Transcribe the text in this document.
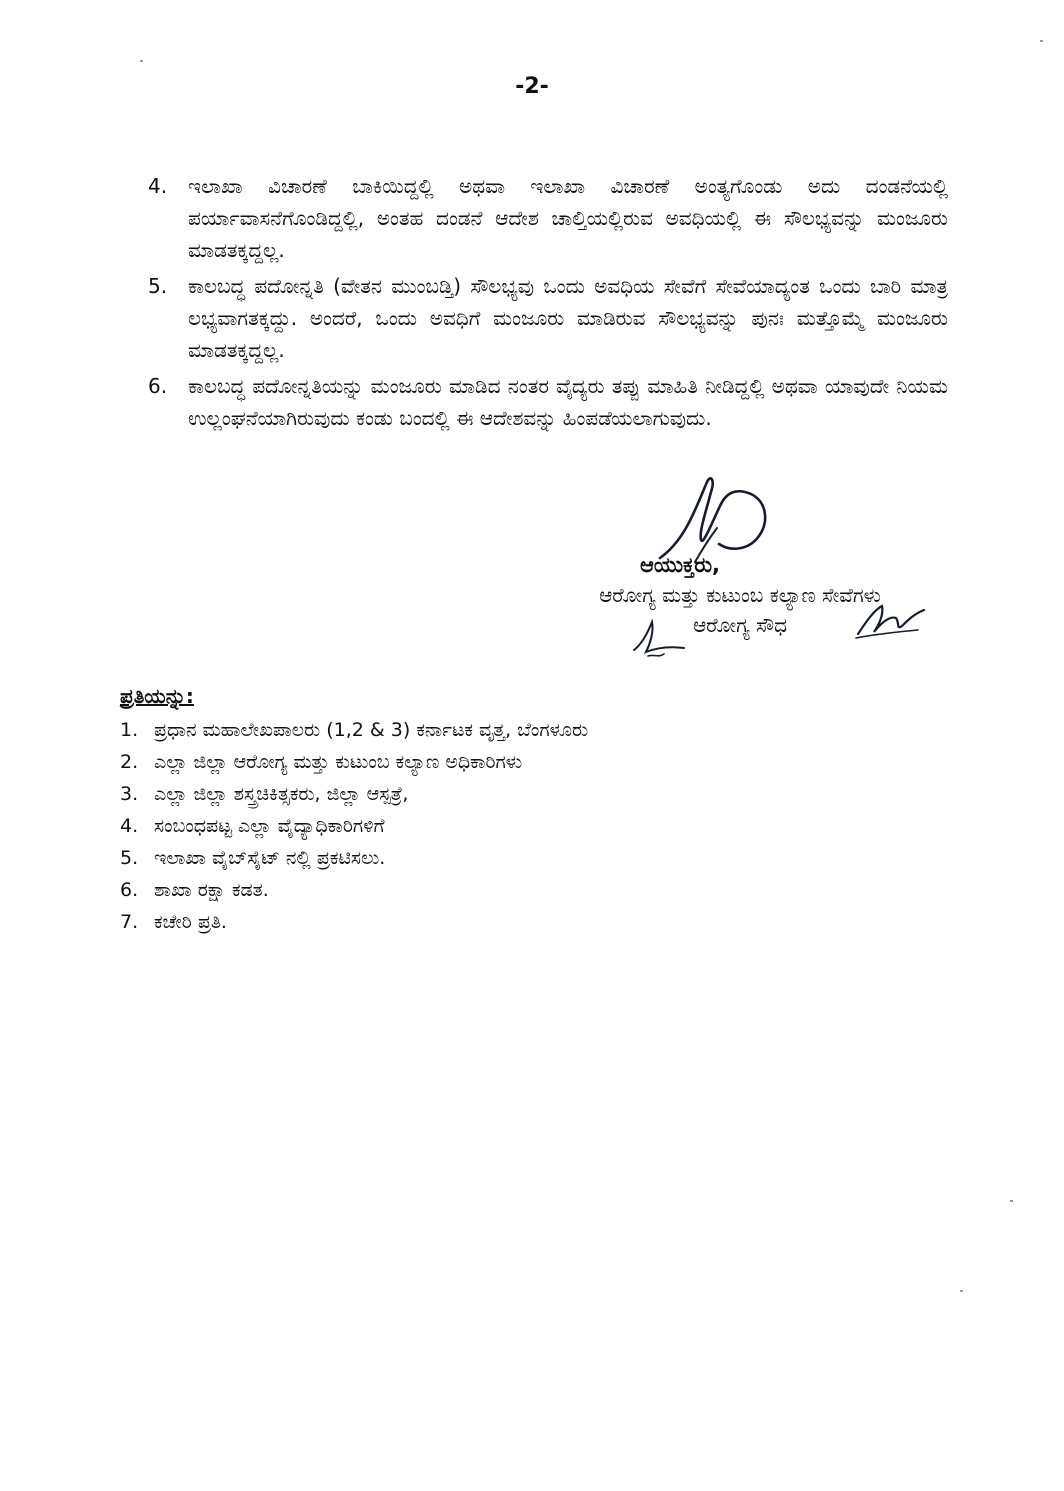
-2-
4.	ಇಲಾಖಾ ವಿಚಾರಣೆ ಬಾಕಿಯಿದ್ದಲ್ಲಿ ಅಥವಾ ಇಲಾಖಾ ವಿಚಾರಣೆ ಅಂತ್ಯಗೊಂಡು ಅದು ದಂಡನೆಯಲ್ಲಿ ಪರ್ಯಾವಾಸನೆಗೊಂಡಿದ್ದಲ್ಲಿ, ಅಂತಹ ದಂಡನೆ ಆದೇಶ ಚಾಲ್ತಿಯಲ್ಲಿರುವ ಅವಧಿಯಲ್ಲಿ ಈ ಸೌಲಭ್ಯವನ್ನು ಮಂಜೂರು ಮಾಡತಕ್ಕದ್ದಲ್ಲ.
5.	ಕಾಲಬದ್ಧ ಪದೋನ್ನತಿ (ವೇತನ ಮುಂಬಡ್ತಿ) ಸೌಲಭ್ಯವು ಒಂದು ಅವಧಿಯ ಸೇವೆಗೆ ಸೇವೆಯಾದ್ಯಂತ ಒಂದು ಬಾರಿ ಮಾತ್ರ ಲಭ್ಯವಾಗತಕ್ಕದ್ದು. ಅಂದರೆ, ಒಂದು ಅವಧಿಗೆ ಮಂಜೂರು ಮಾಡಿರುವ ಸೌಲಭ್ಯವನ್ನು ಪುನಃ ಮತ್ತೊಮ್ಮೆ ಮಂಜೂರು ಮಾಡತಕ್ಕದ್ದಲ್ಲ.
6.	ಕಾಲಬದ್ಧ ಪದೋನ್ನತಿಯನ್ನು ಮಂಜೂರು ಮಾಡಿದ ನಂತರ ವೈದ್ಯರು ತಪ್ಪು ಮಾಹಿತಿ ನೀಡಿದ್ದಲ್ಲಿ ಅಥವಾ ಯಾವುದೇ ನಿಯಮ ಉಲ್ಲಂಘನೆಯಾಗಿರುವುದು ಕಂಡು ಬಂದಲ್ಲಿ ಈ ಆದೇಶವನ್ನು ಹಿಂಪಡೆಯಲಾಗುವುದು.
ಆಯುಕ್ತರು,
ಆರೋಗ್ಯ ಮತ್ತು ಕುಟುಂಬ ಕಲ್ಯಾಣ ಸೇವೆಗಳು
ಆರೋಗ್ಯ ಸೌಧ
ಪ್ರತಿಯನ್ನು:
1. ಪ್ರಧಾನ ಮಹಾಲೇಖಪಾಲರು (1,2 & 3) ಕರ್ನಾಟಕ ವೃತ್ತ, ಬೆಂಗಳೂರು
2. ಎಲ್ಲಾ ಜಿಲ್ಲಾ ಆರೋಗ್ಯ ಮತ್ತು ಕುಟುಂಬ ಕಲ್ಯಾಣ ಅಧಿಕಾರಿಗಳು
3. ಎಲ್ಲಾ ಜಿಲ್ಲಾ ಶಸ್ತ್ರಚಿಕಿತ್ಸಕರು, ಜಿಲ್ಲಾ ಆಸ್ಪತ್ರೆ,
4. ಸಂಬಂಧಪಟ್ಟ ಎಲ್ಲಾ ವೈದ್ಯಾಧಿಕಾರಿಗಳಿಗೆ
5. ಇಲಾಖಾ ವೈಬ್‌ಸೈಟ್ ನಲ್ಲಿ ಪ್ರಕಟಿಸಲು.
6. ಶಾಖಾ ರಕ್ಷಾ ಕಡತ.
7. ಕಚೇರಿ ಪ್ರತಿ.
